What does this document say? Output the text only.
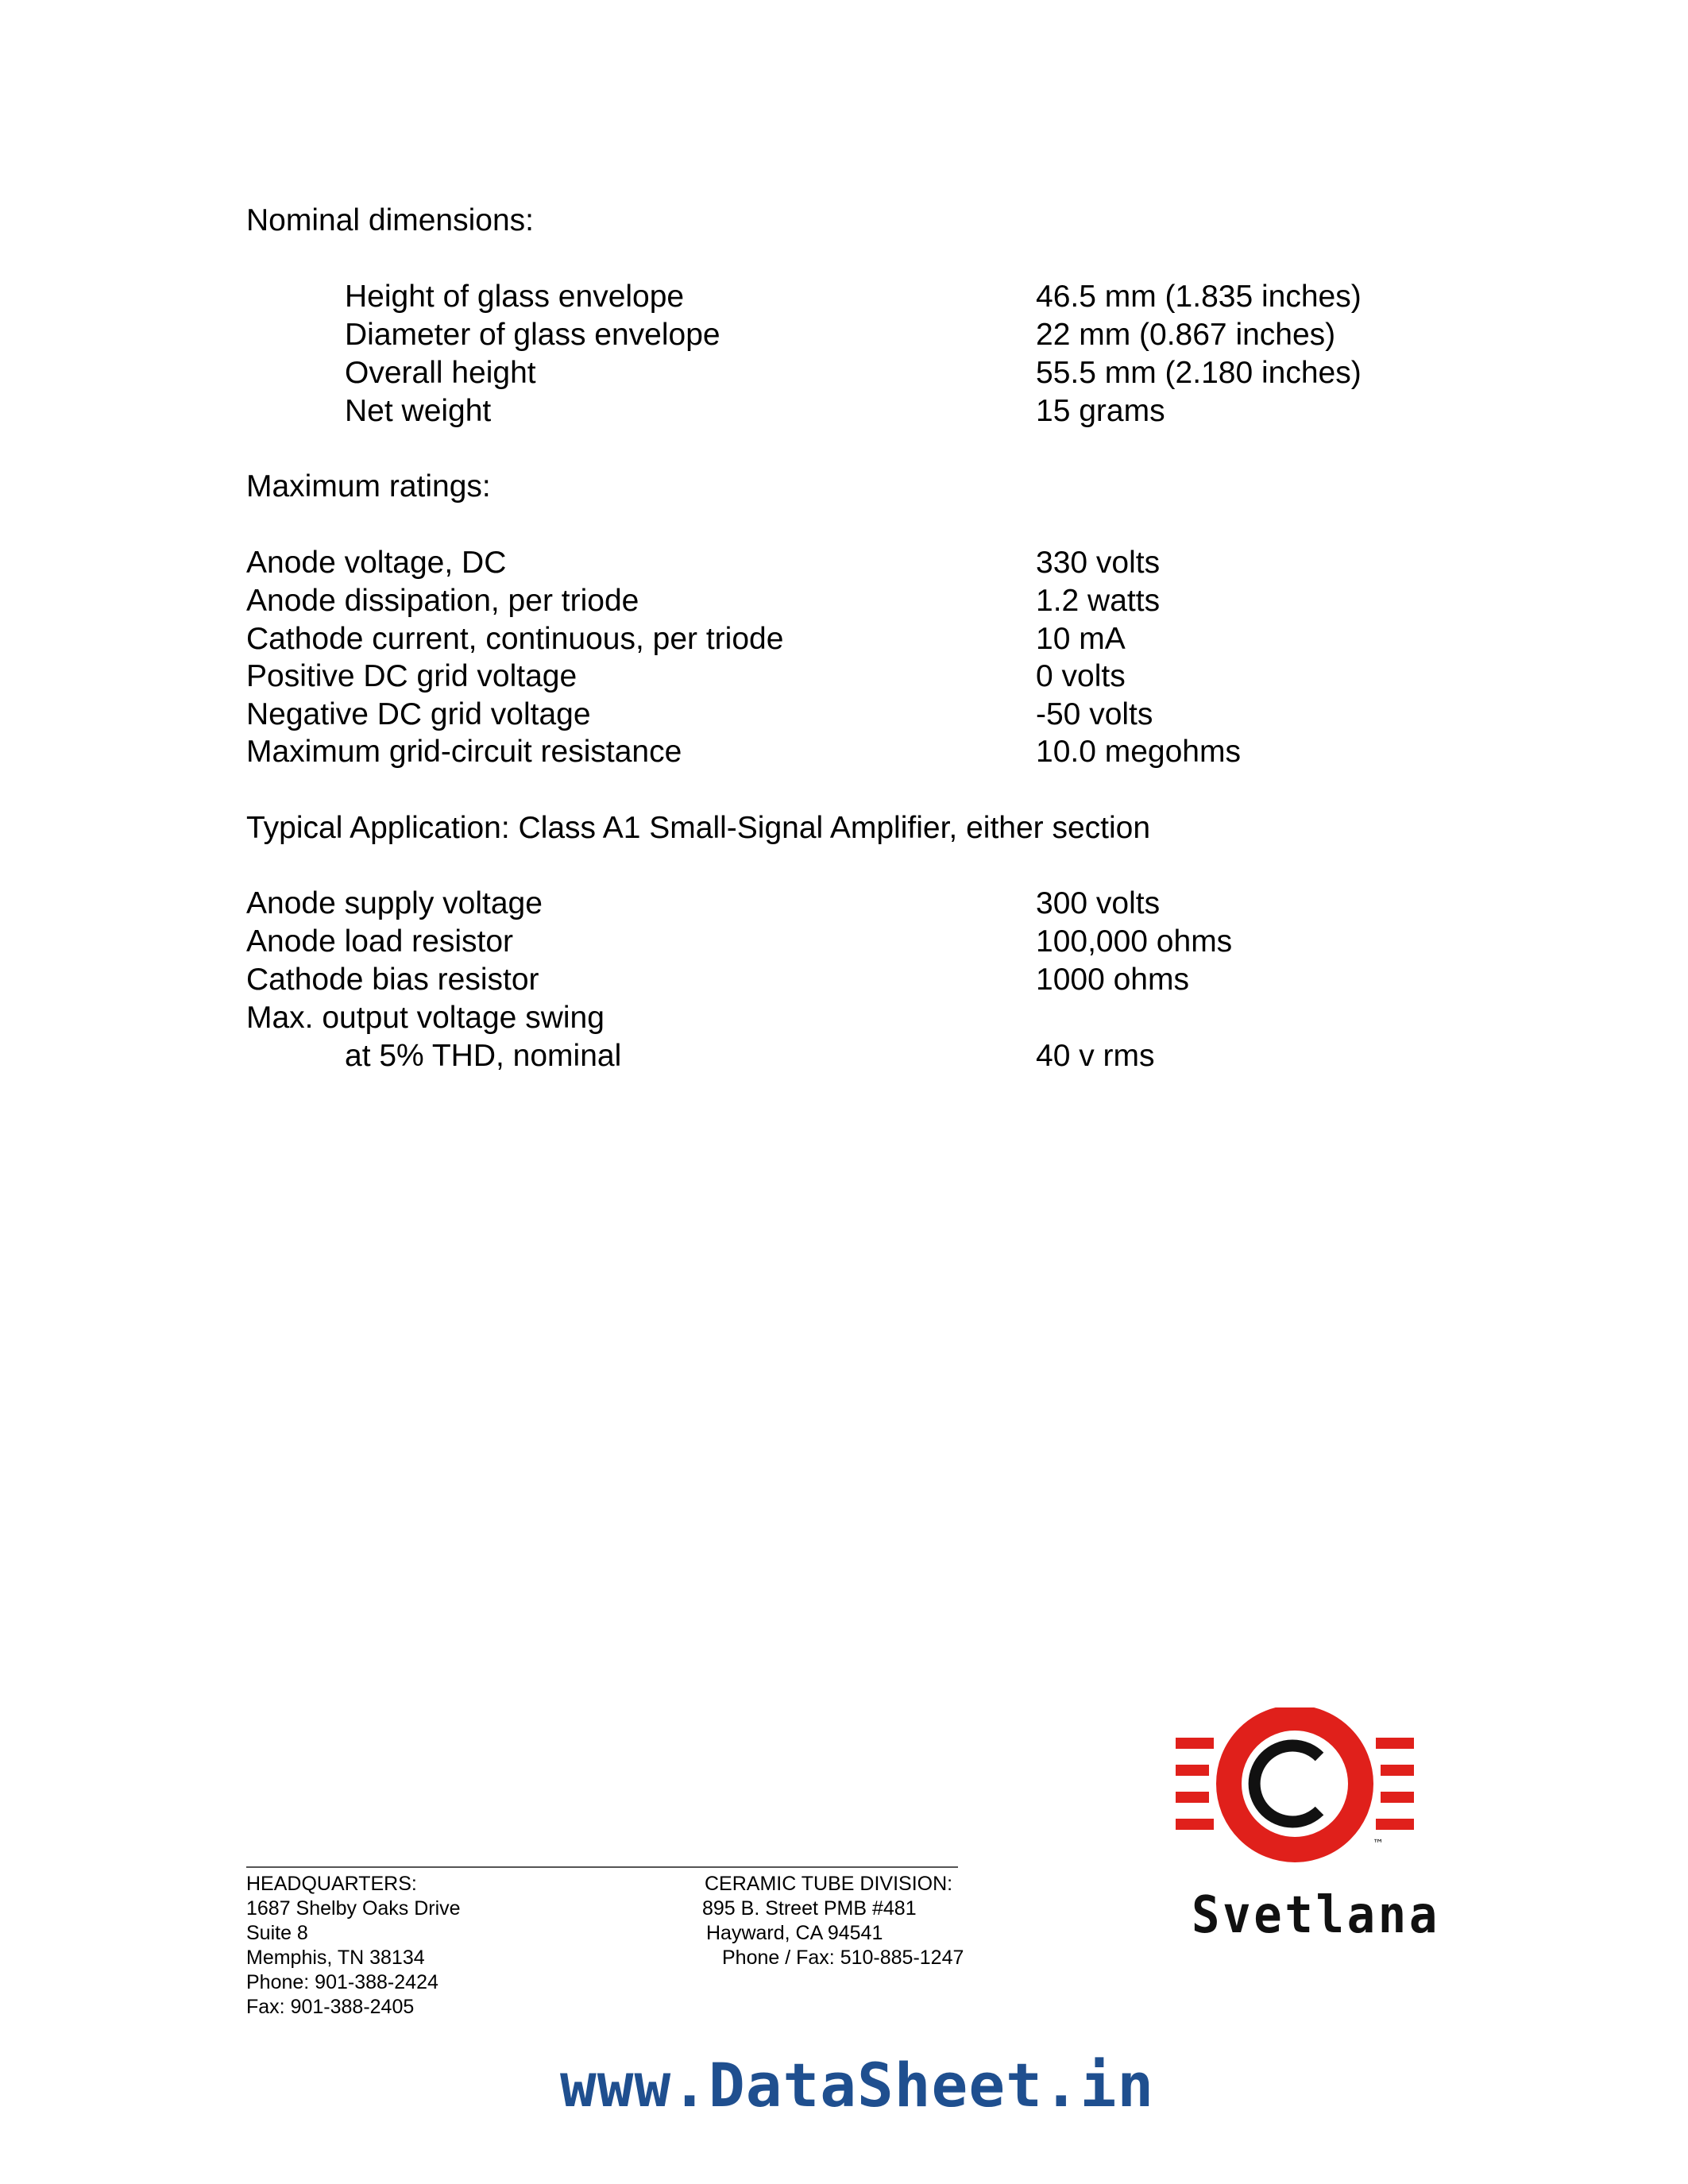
Nominal dimensions:
Height of glass envelope	46.5 mm (1.835 inches)
Diameter of glass envelope	22 mm (0.867 inches)
Overall height	55.5 mm (2.180 inches)
Net weight	15 grams
Maximum ratings:
Anode voltage, DC	330 volts
Anode dissipation, per triode	1.2 watts
Cathode current, continuous, per triode	10 mA
Positive DC grid voltage	0 volts
Negative DC grid voltage	-50 volts
Maximum grid-circuit resistance	10.0 megohms
Typical Application: Class A1 Small-Signal Amplifier, either section
Anode supply voltage	300 volts
Anode load resistor	100,000 ohms
Cathode bias resistor	1000 ohms
Max. output voltage swing
at 5% THD, nominal	40 v rms
HEADQUARTERS:
1687 Shelby Oaks Drive
Suite 8
Memphis, TN 38134
Phone: 901-388-2424
Fax: 901-388-2405
CERAMIC TUBE DIVISION:
895 B. Street PMB #481
Hayward, CA 94541
Phone / Fax: 510-885-1247
™
Svetlana
www.DataSheet.in
